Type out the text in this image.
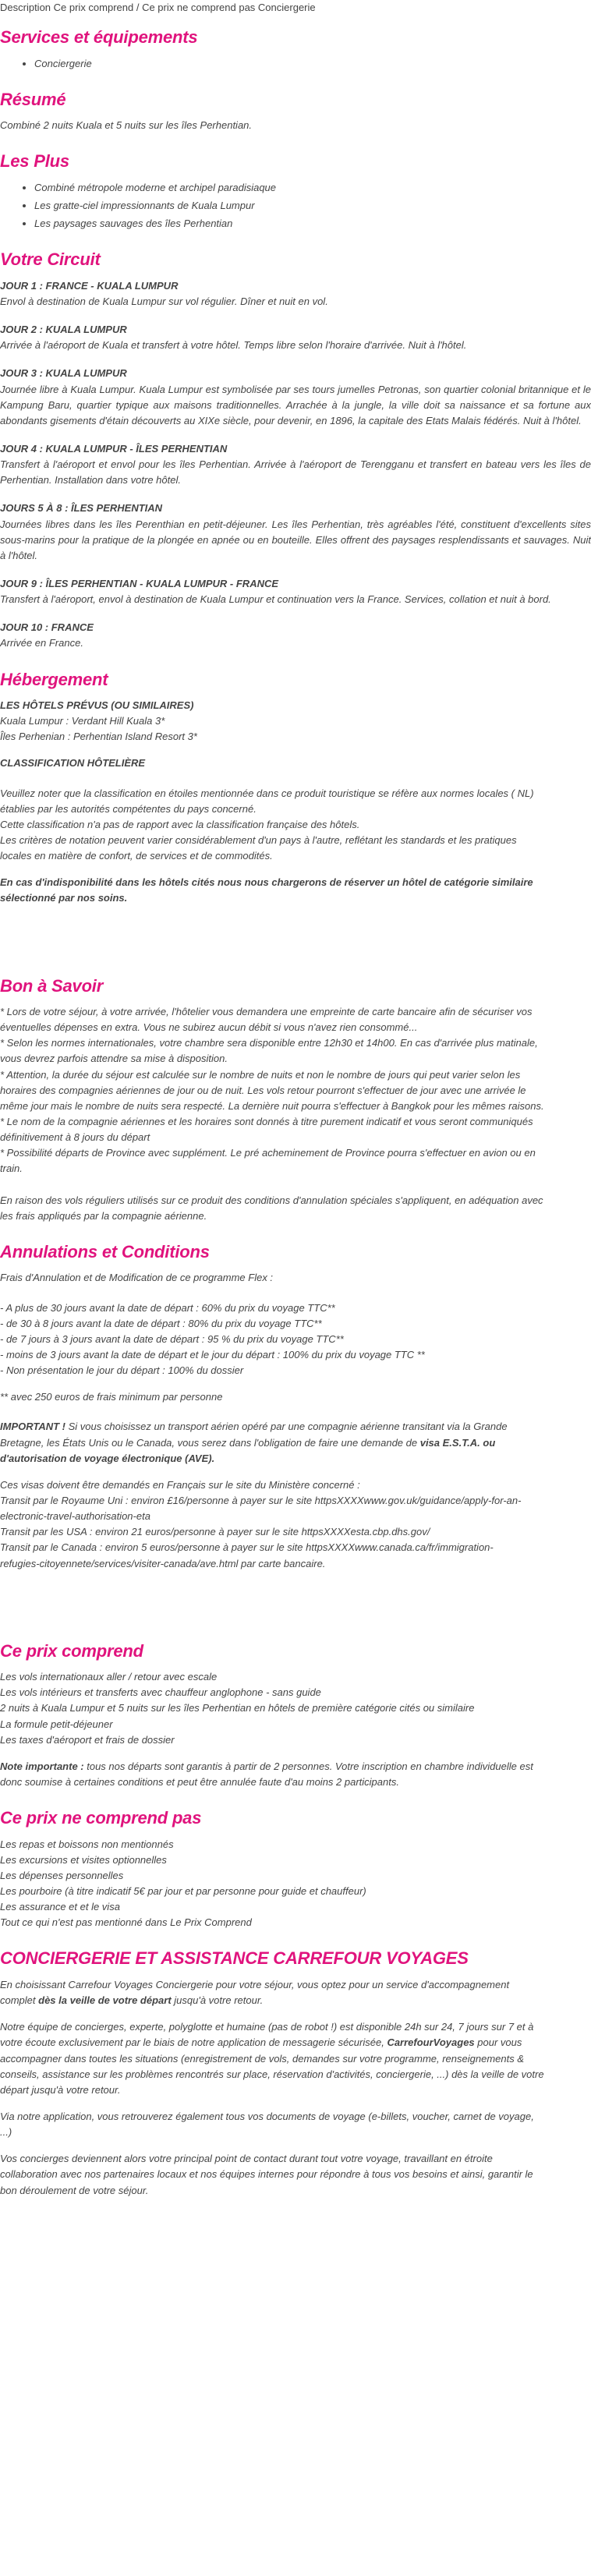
Description Ce prix comprend / Ce prix ne comprend pas Conciergerie
Services et équipements
• Conciergerie
Résumé

Combiné 2 nuits Kuala et 5 nuits sur les îles Perhentian.

Les Plus
• Combiné métropole moderne et archipel paradisiaque
• Les gratte-ciel impressionnants de Kuala Lumpur
• Les paysages sauvages des îles Perhentian
Votre Circuit
JOUR 1 : FRANCE - KUALA LUMPUR
Envol à destination de Kuala Lumpur sur vol régulier. Dîner et nuit en vol.
JOUR 2 : KUALA LUMPUR
Arrivée à l'aéroport de Kuala et transfert à votre hôtel. Temps libre selon l'horaire d'arrivée. Nuit à l'hôtel.
JOUR 3 : KUALA LUMPUR
Journée libre à Kuala Lumpur. Kuala Lumpur est symbolisée par ses tours jumelles Petronas, son quartier colonial britannique et le Kampung Baru, quartier typique aux maisons traditionnelles. Arrachée à la jungle, la ville doit sa naissance et sa fortune aux abondants gisements d'étain découverts au XIXe siècle, pour devenir, en 1896, la capitale des Etats Malais fédérés. Nuit à l'hôtel.
JOUR 4 : KUALA LUMPUR - ÎLES PERHENTIAN
Transfert à l'aéroport et envol pour les îles Perhentian. Arrivée à l'aéroport de Terengganu et transfert en bateau vers les îles de Perhentian. Installation dans votre hôtel.
JOURS 5 À 8 : ÎLES PERHENTIAN
Journées libres dans les îles Perenthian en petit-déjeuner. Les îles Perhentian, très agréables l'été, constituent d'excellents sites sous-marins pour la pratique de la plongée en apnée ou en bouteille. Elles offrent des paysages resplendissants et sauvages. Nuit à l'hôtel.
JOUR 9 : ÎLES PERHENTIAN - KUALA LUMPUR - FRANCE
Transfert à l'aéroport, envol à destination de Kuala Lumpur et continuation vers la France. Services, collation et nuit à bord.
JOUR 10 : FRANCE
Arrivée en France.
Hébergement
LES HÔTELS PRÉVUS (OU SIMILAIRES)
Kuala Lumpur : Verdant Hill Kuala 3*
Îles Perhenian : Perhentian Island Resort 3*
CLASSIFICATION HÔTELIÈRE
Veuillez noter que la classification en étoiles mentionnée dans ce produit touristique se réfère aux normes locales ( NL)
établies par les autorités compétentes du pays concerné.
Cette classification n'a pas de rapport avec la classification française des hôtels.
Les critères de notation peuvent varier considérablement d'un pays à l'autre, reflétant les standards et les pratiques
locales en matière de confort, de services et de commodités.
En cas d'indisponibilité dans les hôtels cités nous nous chargerons de réserver un hôtel de catégorie similaire sélectionné par nos soins.
Bon à Savoir
* Lors de votre séjour, à votre arrivée, l'hôtelier vous demandera une empreinte de carte bancaire afin de sécuriser vos
éventuelles dépenses en extra. Vous ne subirez aucun débit si vous n'avez rien consommé...
* Selon les normes internationales, votre chambre sera disponible entre 12h30 et 14h00. En cas d'arrivée plus matinale,
vous devrez parfois attendre sa mise à disposition.
* Attention, la durée du séjour est calculée sur le nombre de nuits et non le nombre de jours qui peut varier selon les
horaires des compagnies aériennes de jour ou de nuit. Les vols retour pourront s'effectuer de jour avec une arrivée le
même jour mais le nombre de nuits sera respecté. La dernière nuit pourra s'effectuer à Bangkok pour les mêmes raisons.
* Le nom de la compagnie aériennes et les horaires sont donnés à titre purement indicatif et vous seront communiqués
définitivement à 8 jours du départ
* Possibilité départs de Province avec supplément. Le pré acheminement de Province pourra s'effectuer en avion ou en
train.
En raison des vols réguliers utilisés sur ce produit des conditions d'annulation spéciales s'appliquent, en adéquation avec
les frais appliqués par la compagnie aérienne.
Annulations et Conditions
Frais d'Annulation et de Modification de ce programme Flex :
- A plus de 30 jours avant la date de départ : 60% du prix du voyage TTC**
- de 30 à 8 jours avant la date de départ : 80% du prix du voyage TTC**
- de 7 jours à 3 jours avant la date de départ : 95 % du prix du voyage TTC**
- moins de 3 jours avant la date de départ et le jour du départ : 100% du prix du voyage TTC **
- Non présentation le jour du départ : 100% du dossier
** avec 250 euros de frais minimum par personne
IMPORTANT ! Si vous choisissez un transport aérien opéré par une compagnie aérienne transitant via la Grande
Bretagne, les États Unis ou le Canada, vous serez dans l'obligation de faire une demande de visa E.S.T.A. ou
d'autorisation de voyage électronique (AVE).
Ces visas doivent être demandés en Français sur le site du Ministère concerné :
Transit par le Royaume Uni : environ £16/personne à payer sur le site httpsXXXXwww.gov.uk/guidance/apply-for-an-
electronic-travel-authorisation-eta
Transit par les USA : environ 21 euros/personne à payer sur le site httpsXXXXesta.cbp.dhs.gov/
Transit par le Canada : environ 5 euros/personne à payer sur le site httpsXXXXwww.canada.ca/fr/immigration-
refugies-citoyennete/services/visiter-canada/ave.html par carte bancaire.
Ce prix comprend
Les vols internationaux aller / retour avec escale
Les vols intérieurs et transferts avec chauffeur anglophone - sans guide
2 nuits à Kuala Lumpur et 5 nuits sur les îles Perhentian en hôtels de première catégorie cités ou similaire
La formule petit-déjeuner
Les taxes d'aéroport et frais de dossier
Note importante : tous nos départs sont garantis à partir de 2 personnes. Votre inscription en chambre individuelle est
donc soumise à certaines conditions et peut être annulée faute d'au moins 2 participants.
Ce prix ne comprend pas
Les repas et boissons non mentionnés
Les excursions et visites optionnelles
Les dépenses personnelles
Les pourboire (à titre indicatif 5€ par jour et par personne pour guide et chauffeur)
Les assurance et et le visa
Tout ce qui n'est pas mentionné dans Le Prix Comprend
CONCIERGERIE ET ASSISTANCE CARREFOUR VOYAGES
En choisissant Carrefour Voyages Conciergerie pour votre séjour, vous optez pour un service d'accompagnement
complet dès la veille de votre départ jusqu'à votre retour.
Notre équipe de concierges, experte, polyglotte et humaine (pas de robot !) est disponible 24h sur 24, 7 jours sur 7 et à
votre écoute exclusivement par le biais de notre application de messagerie sécurisée, CarrefourVoyages pour vous
accompagner dans toutes les situations (enregistrement de vols, demandes sur votre programme, renseignements &
conseils, assistance sur les problèmes rencontrés sur place, réservation d'activités, conciergerie, ...) dès la veille de votre
départ jusqu'à votre retour.
Via notre application, vous retrouverez également tous vos documents de voyage (e-billets, voucher, carnet de voyage,
...)
Vos concierges deviennent alors votre principal point de contact durant tout votre voyage, travaillant en étroite
collaboration avec nos partenaires locaux et nos équipes internes pour répondre à tous vos besoins et ainsi, garantir le
bon déroulement de votre séjour.
